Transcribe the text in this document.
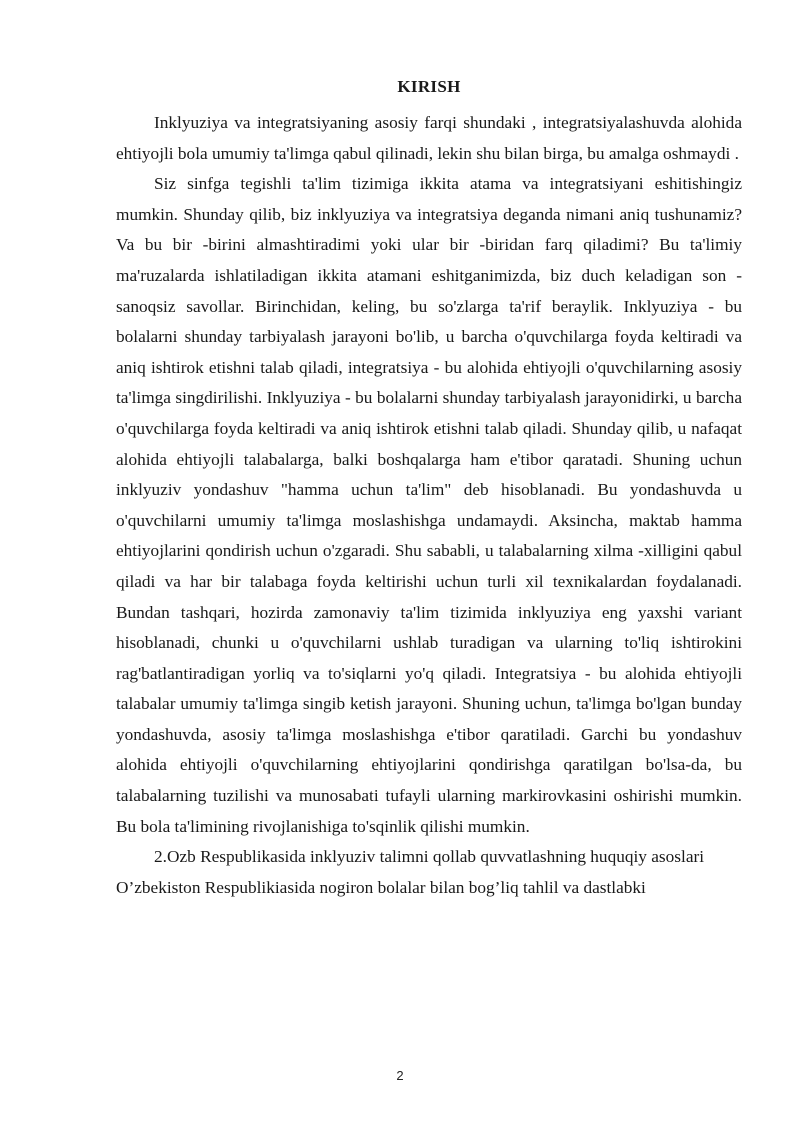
KIRISH

Inklyuziya va integratsiyaning asosiy farqi shundaki , integratsiyalashuvda alohida ehtiyojli bola umumiy ta'limga qabul qilinadi, lekin shu bilan birga, bu amalga oshmaydi .

Siz sinfga tegishli ta'lim tizimiga ikkita atama va integratsiyani eshitishingiz mumkin. Shunday qilib, biz inklyuziya va integratsiya deganda nimani aniq tushunamiz? Va bu bir -birini almashtiradimi yoki ular bir -biridan farq qiladimi? Bu ta'limiy ma'ruzalarda ishlatiladigan ikkita atamani eshitganimizda, biz duch keladigan son -sanoqsiz savollar. Birinchidan, keling, bu so'zlarga ta'rif beraylik. Inklyuziya - bu bolalarni shunday tarbiyalash jarayoni bo'lib, u barcha o'quvchilarga foyda keltiradi va aniq ishtirok etishni talab qiladi, integratsiya - bu alohida ehtiyojli o'quvchilarning asosiy ta'limga singdirilishi. Inklyuziya - bu bolalarni shunday tarbiyalash jarayonidirki, u barcha o'quvchilarga foyda keltiradi va aniq ishtirok etishni talab qiladi. Shunday qilib, u nafaqat alohida ehtiyojli talabalarga, balki boshqalarga ham e'tibor qaratadi. Shuning uchun inklyuziv yondashuv "hamma uchun ta'lim" deb hisoblanadi. Bu yondashuvda u o'quvchilarni umumiy ta'limga moslashishga undamaydi. Aksincha, maktab hamma ehtiyojlarini qondirish uchun o'zgaradi. Shu sababli, u talabalarning xilma -xilligini qabul qiladi va har bir talabaga foyda keltirishi uchun turli xil texnikalardan foydalanadi. Bundan tashqari, hozirda zamonaviy ta'lim tizimida inklyuziya eng yaxshi variant hisoblanadi, chunki u o'quvchilarni ushlab turadigan va ularning to'liq ishtirokini rag'batlantiradigan yorliq va to'siqlarni yo'q qiladi. Integratsiya - bu alohida ehtiyojli talabalar umumiy ta'limga singib ketish jarayoni. Shuning uchun, ta'limga bo'lgan bunday yondashuvda, asosiy ta'limga moslashishga e'tibor qaratiladi. Garchi bu yondashuv alohida ehtiyojli o'quvchilarning ehtiyojlarini qondirishga qaratilgan bo'lsa-da, bu talabalarning tuzilishi va munosabati tufayli ularning markirovkasini oshirishi mumkin. Bu bola ta'limining rivojlanishiga to'sqinlik qilishi mumkin.

2.Ozb Respublikasida inklyuziv talimni qollab quvvatlashning huquqiy asoslari

O’zbekiston Respublikiasida nogiron bolalar bilan bog’liq tahlil va dastlabki

2
